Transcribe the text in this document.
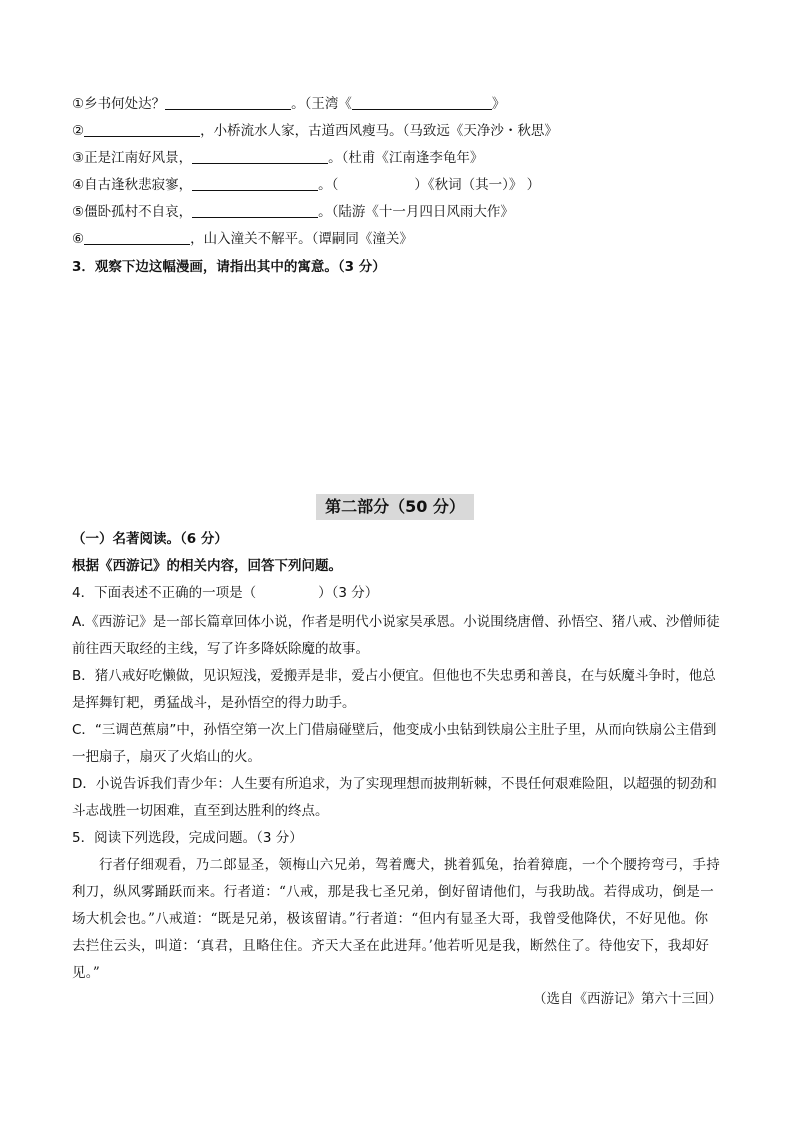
①乡书何处达？	。（王湾《	》
②	，小桥流水人家，古道西风瘦马。（马致远《天净沙・秋思》
③正是江南好风景，	。（杜甫《江南逢李龟年》
④自古逢秋悲寂寥，	。（	）《秋词（其一）》 ）
⑤僵卧孤村不自哀，	。（陆游《十一月四日风雨大作》
⑥	，山入潼关不解平。（谭嗣同《潼关》
3．观察下边这幅漫画，请指出其中的寓意。（3 分）
第二部分（50 分）
（一）名著阅读。（6 分）
根据《西游记》的相关内容，回答下列问题。
4．下面表述不正确的一项是（	）（3 分）
A.《西游记》是一部长篇章回体小说，作者是明代小说家吴承恩。小说围绕唐僧、孙悟空、猪八戒、沙僧师徒前往西天取经的主线，写了许多降妖除魔的故事。
B．猪八戒好吃懒做，见识短浅，爱搬弄是非，爱占小便宜。但他也不失忠勇和善良，在与妖魔斗争时，他总是挥舞钉耙，勇猛战斗，是孙悟空的得力助手。
C．“三调芭蕉扇”中，孙悟空第一次上门借扇碰壁后，他变成小虫钻到铁扇公主肚子里，从而向铁扇公主借到一把扇子，扇灭了火焰山的火。
D．小说告诉我们青少年：人生要有所追求，为了实现理想而披荆斩棘，不畏任何艰难险阻，以超强的韧劲和斗志战胜一切困难，直至到达胜利的终点。
5．阅读下列选段，完成问题。（3 分）
行者仔细观看，乃二郎显圣，领梅山六兄弟，驾着鹰犬，挑着狐兔，抬着獐鹿，一个个腰挎弯弓，手持利刀，纵风雾踊跃而来。行者道：“八戒，那是我七圣兄弟，倒好留请他们，与我助战。若得成功，倒是一场大机会也。”八戒道：“既是兄弟，极该留请。”行者道：“但内有显圣大哥，我曾受他降伏，不好见他。你去拦住云头，叫道：‘真君，且略住住。齐天大圣在此进拜。’他若听见是我，断然住了。待他安下，我却好见。”
（选自《西游记》第六十三回）
